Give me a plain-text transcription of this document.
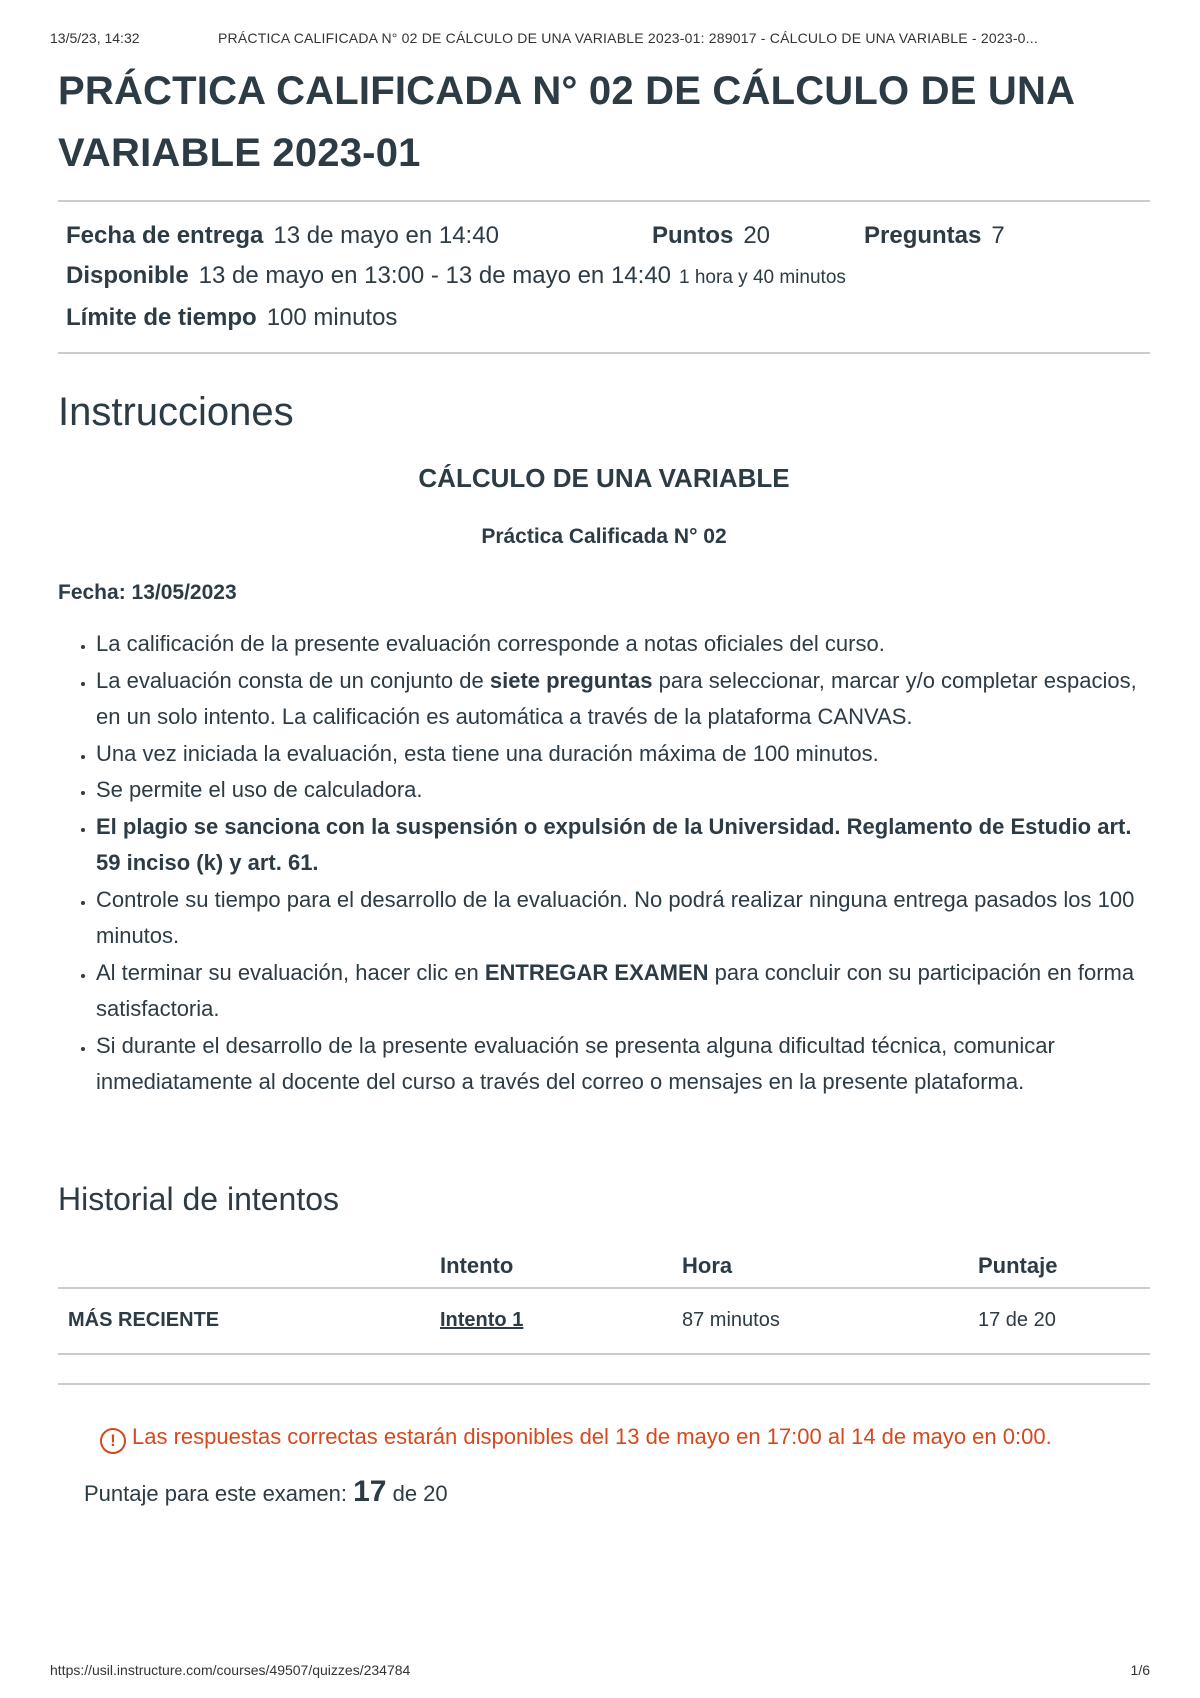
13/5/23, 14:32	PRÁCTICA CALIFICADA N° 02 DE CÁLCULO DE UNA VARIABLE 2023-01: 289017 - CÁLCULO DE UNA VARIABLE - 2023-0...
PRÁCTICA CALIFICADA N° 02 DE CÁLCULO DE UNA VARIABLE 2023-01
Fecha de entrega 13 de mayo en 14:40	Puntos 20	Preguntas 7
Disponible 13 de mayo en 13:00 - 13 de mayo en 14:40 1 hora y 40 minutos
Límite de tiempo 100 minutos
Instrucciones
CÁLCULO DE UNA VARIABLE
Práctica Calificada N° 02
Fecha: 13/05/2023
• La calificación de la presente evaluación corresponde a notas oficiales del curso.
• La evaluación consta de un conjunto de siete preguntas para seleccionar, marcar y/o completar espacios, en un solo intento. La calificación es automática a través de la plataforma CANVAS.
• Una vez iniciada la evaluación, esta tiene una duración máxima de 100 minutos.
• Se permite el uso de calculadora.
• El plagio se sanciona con la suspensión o expulsión de la Universidad. Reglamento de Estudio art. 59 inciso (k) y art. 61.
• Controle su tiempo para el desarrollo de la evaluación. No podrá realizar ninguna entrega pasados los 100 minutos.
• Al terminar su evaluación, hacer clic en ENTREGAR EXAMEN para concluir con su participación en forma satisfactoria.
• Si durante el desarrollo de la presente evaluación se presenta alguna dificultad técnica, comunicar inmediatamente al docente del curso a través del correo o mensajes en la presente plataforma.
Historial de intentos
	Intento	Hora	Puntaje
MÁS RECIENTE	Intento 1	87 minutos	17 de 20
! Las respuestas correctas estarán disponibles del 13 de mayo en 17:00 al 14 de mayo en 0:00.
Puntaje para este examen: 17 de 20
https://usil.instructure.com/courses/49507/quizzes/234784	1/6
